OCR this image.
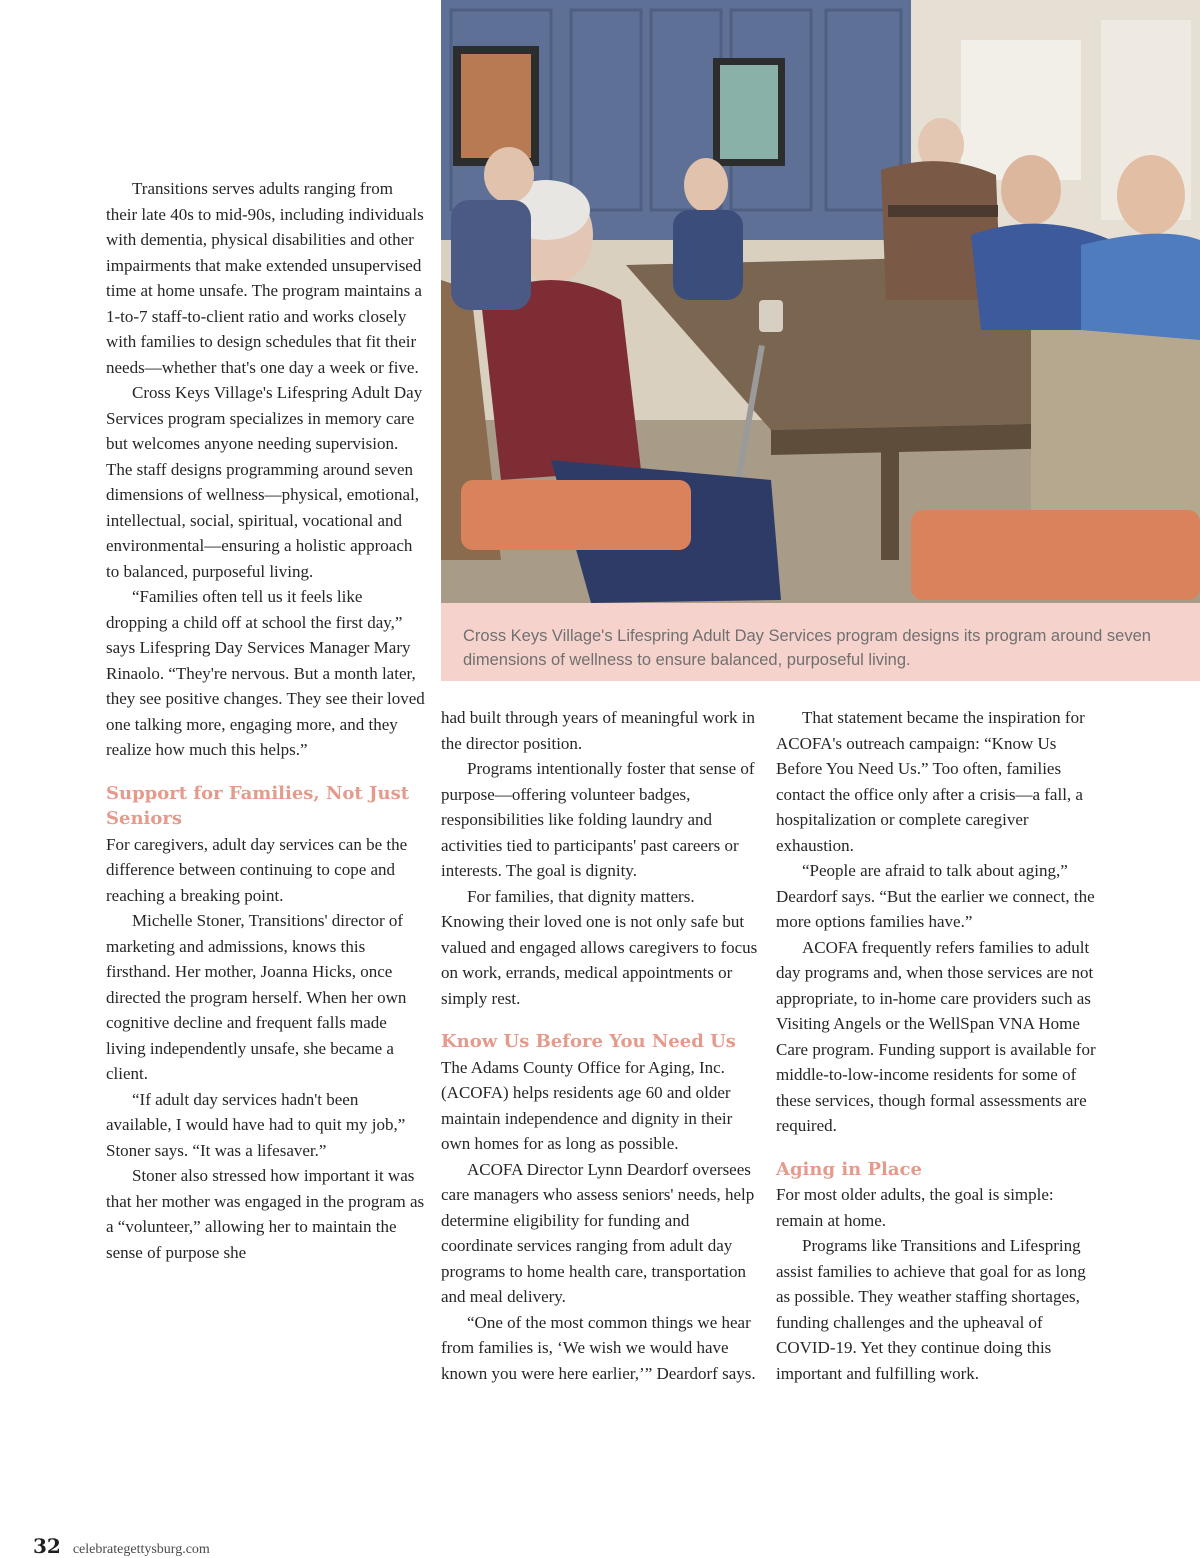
Cross Keys Village's Lifespring Adult Day Services program designs its program around seven dimensions of wellness to ensure balanced, purposeful living.

Transitions serves adults ranging from their late 40s to mid-90s, including individuals with dementia, physical disabilities and other impairments that make extended unsupervised time at home unsafe. The program maintains a 1-to-7 staff-to-client ratio and works closely with families to design schedules that fit their needs—whether that's one day a week or five.

Cross Keys Village's Lifespring Adult Day Services program specializes in memory care but welcomes anyone needing supervision. The staff designs programming around seven dimensions of wellness—physical, emotional, intellectual, social, spiritual, vocational and environmental—ensuring a holistic approach to balanced, purposeful living.

“Families often tell us it feels like dropping a child off at school the first day,” says Lifespring Day Services Manager Mary Rinaolo. “They're nervous. But a month later, they see positive changes. They see their loved one talking more, engaging more, and they realize how much this helps.”

Support for Families, Not Just Seniors

For caregivers, adult day services can be the difference between continuing to cope and reaching a breaking point.

Michelle Stoner, Transitions' director of marketing and admissions, knows this firsthand. Her mother, Joanna Hicks, once directed the program herself. When her own cognitive decline and frequent falls made living independently unsafe, she became a client.

“If adult day services hadn't been available, I would have had to quit my job,” Stoner says. “It was a lifesaver.”

Stoner also stressed how important it was that her mother was engaged in the program as a “volunteer,” allowing her to maintain the sense of purpose she

had built through years of meaningful work in the director position.

Programs intentionally foster that sense of purpose—offering volunteer badges, responsibilities like folding laundry and activities tied to participants' past careers or interests. The goal is dignity.

For families, that dignity matters. Knowing their loved one is not only safe but valued and engaged allows caregivers to focus on work, errands, medical appointments or simply rest.

Know Us Before You Need Us

The Adams County Office for Aging, Inc. (ACOFA) helps residents age 60 and older maintain independence and dignity in their own homes for as long as possible.

ACOFA Director Lynn Deardorf oversees care managers who assess seniors' needs, help determine eligibility for funding and coordinate services ranging from adult day programs to home health care, transportation and meal delivery.

“One of the most common things we hear from families is, ‘We wish we would have known you were here earlier,’” Deardorf says.

That statement became the inspiration for ACOFA's outreach campaign: “Know Us Before You Need Us.” Too often, families contact the office only after a crisis—a fall, a hospitalization or complete caregiver exhaustion.

“People are afraid to talk about aging,” Deardorf says. “But the earlier we connect, the more options families have.”

ACOFA frequently refers families to adult day programs and, when those services are not appropriate, to in-home care providers such as Visiting Angels or the WellSpan VNA Home Care program. Funding support is available for middle-to-low-income residents for some of these services, though formal assessments are required.

Aging in Place

For most older adults, the goal is simple: remain at home.

Programs like Transitions and Lifespring assist families to achieve that goal for as long as possible. They weather staffing shortages, funding challenges and the upheaval of COVID-19. Yet they continue doing this important and fulfilling work.

32 celebrategettysburg.com
